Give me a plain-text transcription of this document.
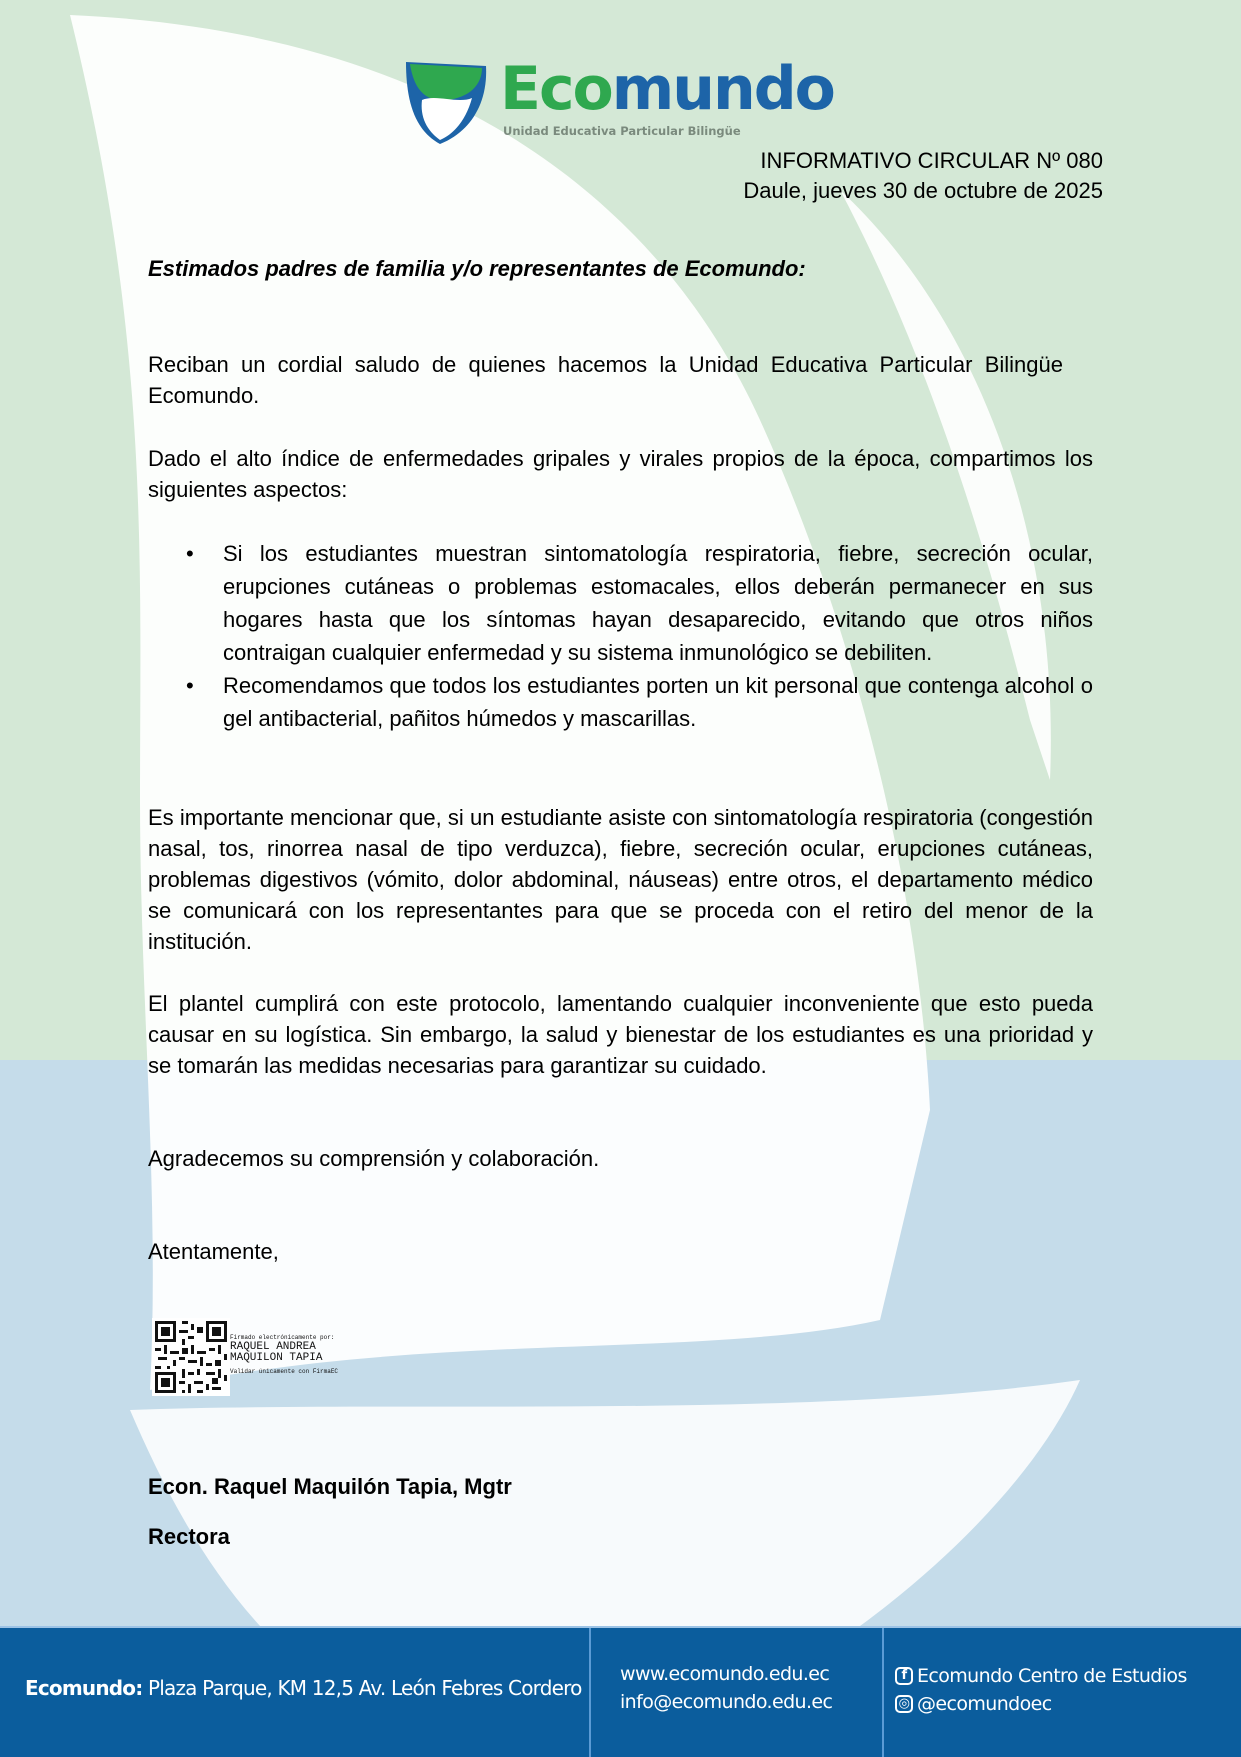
Ecomundo
Unidad Educativa Particular Bilingüe
INFORMATIVO CIRCULAR Nº 080
Daule, jueves 30 de octubre de 2025
Estimados padres de familia y/o representantes de Ecomundo:
Reciban un cordial saludo de quienes hacemos la Unidad Educativa Particular Bilingüe Ecomundo.
Dado el alto índice de enfermedades gripales y virales propios de la época, compartimos los siguientes aspectos:
• Si los estudiantes muestran sintomatología respiratoria, fiebre, secreción ocular, erupciones cutáneas o problemas estomacales, ellos deberán permanecer en sus hogares hasta que los síntomas hayan desaparecido, evitando que otros niños contraigan cualquier enfermedad y su sistema inmunológico se debiliten.
• Recomendamos que todos los estudiantes porten un kit personal que contenga alcohol o gel antibacterial, pañitos húmedos y mascarillas.
Es importante mencionar que, si un estudiante asiste con sintomatología respiratoria (congestión nasal, tos, rinorrea nasal de tipo verduzca), fiebre, secreción ocular, erupciones cutáneas, problemas digestivos (vómito, dolor abdominal, náuseas) entre otros, el departamento médico se comunicará con los representantes para que se proceda con el retiro del menor de la institución.
El plantel cumplirá con este protocolo, lamentando cualquier inconveniente que esto pueda causar en su logística. Sin embargo, la salud y bienestar de los estudiantes es una prioridad y se tomarán las medidas necesarias para garantizar su cuidado.
Agradecemos su comprensión y colaboración.
Atentamente,
Firmado electrónicamente por:
RAQUEL ANDREA
MAQUILON TAPIA
Validar únicamente con FirmaEC
Econ. Raquel Maquilón Tapia, Mgtr
Rectora
Ecomundo: Plaza Parque, KM 12,5 Av. León Febres Cordero
www.ecomundo.edu.ec
info@ecomundo.edu.ec
f Ecomundo Centro de Estudios
◎ @ecomundoec
